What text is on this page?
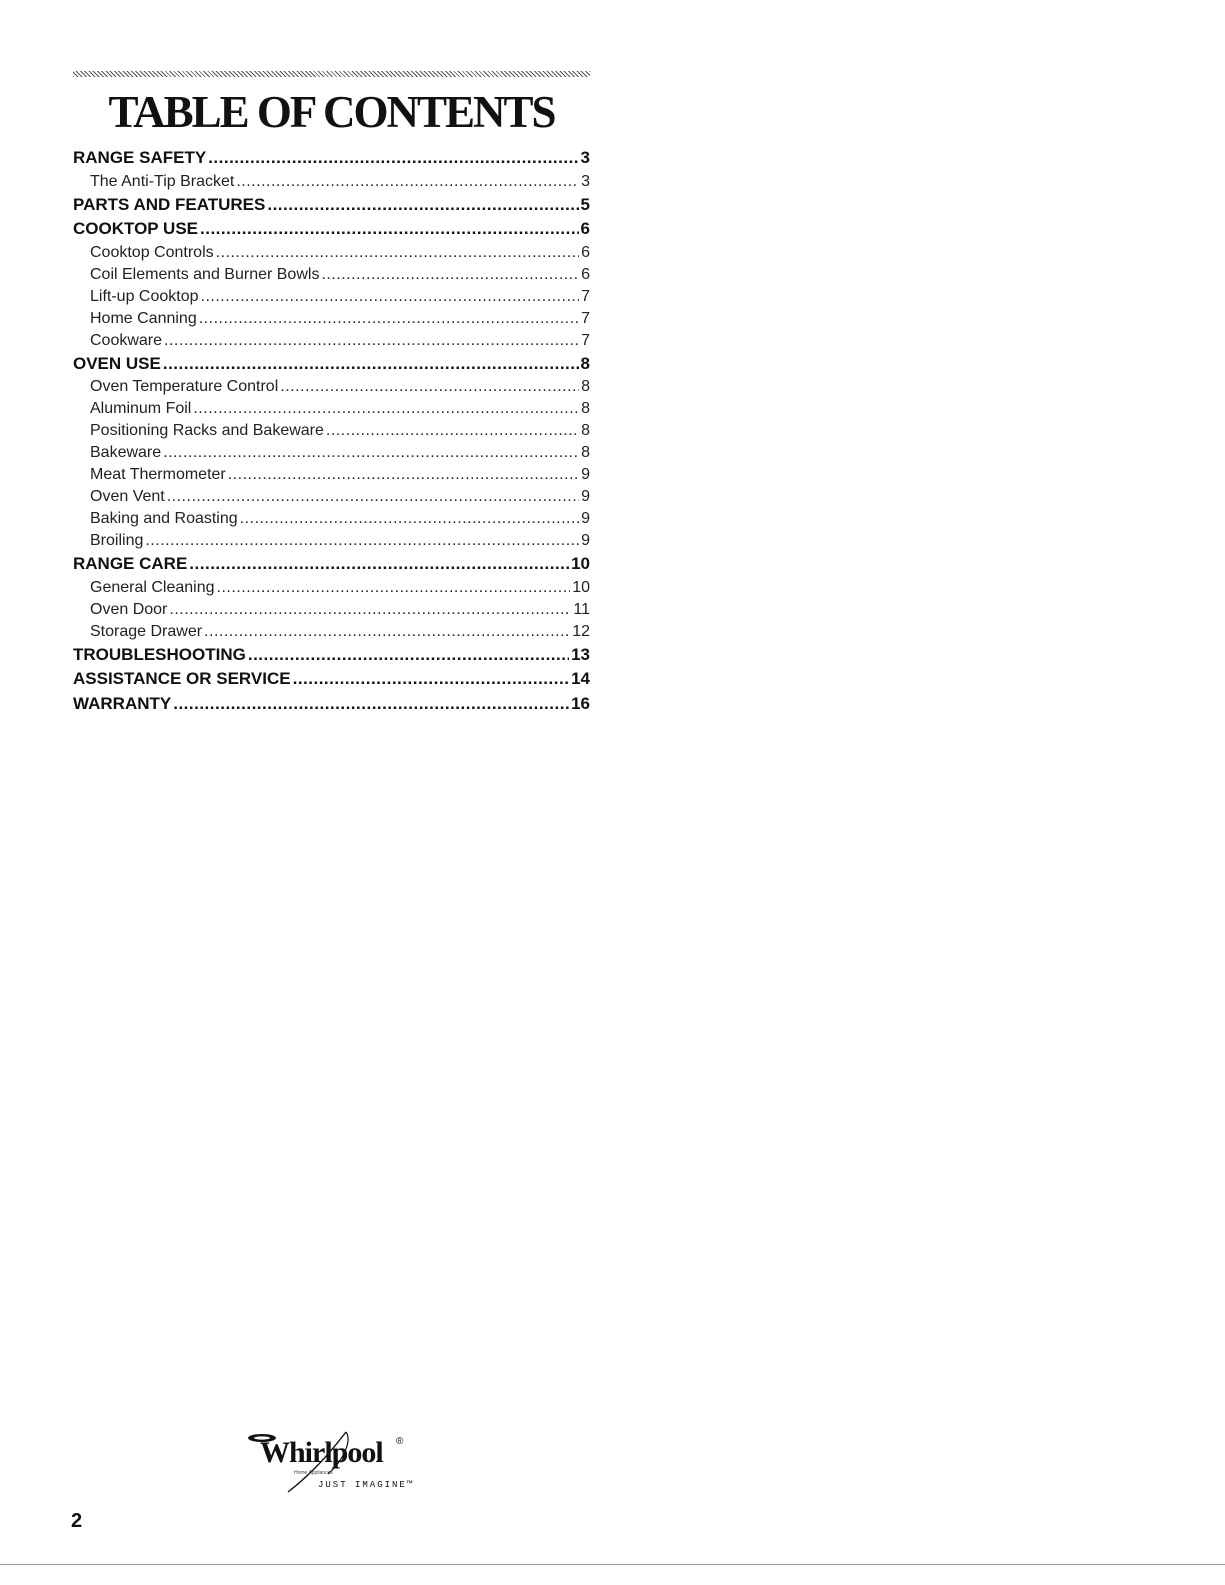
TABLE OF CONTENTS
RANGE SAFETY .....	3
The Anti-Tip Bracket .....	3
PARTS AND FEATURES .....	5
COOKTOP USE .....	6
Cooktop Controls .....	6
Coil Elements and Burner Bowls .....	6
Lift-up Cooktop .....	7
Home Canning .....	7
Cookware .....	7
OVEN USE .....	8
Oven Temperature Control .....	8
Aluminum Foil .....	8
Positioning Racks and Bakeware .....	8
Bakeware .....	8
Meat Thermometer .....	9
Oven Vent .....	9
Baking and Roasting .....	9
Broiling .....	9
RANGE CARE .....	10
General Cleaning .....	10
Oven Door .....	11
Storage Drawer .....	12
TROUBLESHOOTING .....	13
ASSISTANCE OR SERVICE .....	14
WARRANTY .....	16
Whirlpool ®
Home Appliances
JUST IMAGINE™
2
